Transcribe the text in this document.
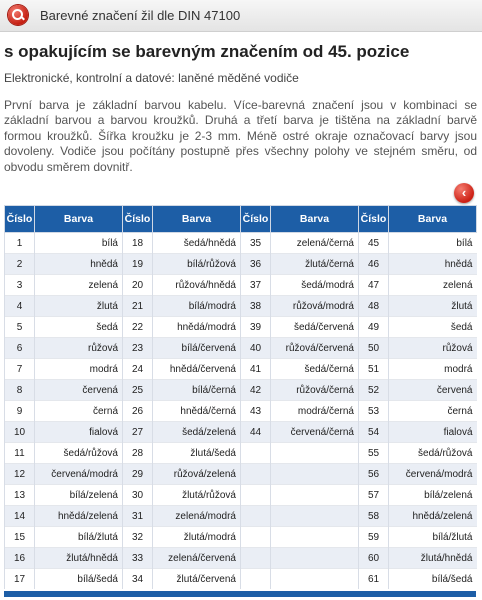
Barevné značení žil dle DIN 47100
s opakujícím se barevným značením od 45. pozice
Elektronické, kontrolní a datové: laněné měděné vodiče
První barva je základní barvou kabelu. Více-barevná značení jsou v kombinaci se základní barvou a barvou kroužků. Druhá a třetí barva je tištěna na základní barvě formou kroužků. Šířka kroužku je 2-3 mm. Méně ostré okraje označovací barvy jsou dovoleny. Vodiče jsou počítány postupně přes všechny polohy ve stejném směru, od obvodu směrem dovnitř.
‹
Číslo	Barva	Číslo	Barva	Číslo	Barva	Číslo	Barva
1	bílá	18	šedá/hnědá	35	zelená/černá	45	bílá
2	hnědá	19	bílá/růžová	36	žlutá/černá	46	hnědá
3	zelená	20	růžová/hnědá	37	šedá/modrá	47	zelená
4	žlutá	21	bílá/modrá	38	růžová/modrá	48	žlutá
5	šedá	22	hnědá/modrá	39	šedá/červená	49	šedá
6	růžová	23	bílá/červená	40	růžová/červená	50	růžová
7	modrá	24	hnědá/červená	41	šedá/černá	51	modrá
8	červená	25	bílá/černá	42	růžová/černá	52	červená
9	černá	26	hnědá/černá	43	modrá/černá	53	černá
10	fialová	27	šedá/zelená	44	červená/černá	54	fialová
11	šedá/růžová	28	žlutá/šedá			55	šedá/růžová
12	červená/modrá	29	růžová/zelená			56	červená/modrá
13	bílá/zelená	30	žlutá/růžová			57	bílá/zelená
14	hnědá/zelená	31	zelená/modrá			58	hnědá/zelená
15	bílá/žlutá	32	žlutá/modrá			59	bílá/žlutá
16	žlutá/hnědá	33	zelená/červená			60	žlutá/hnědá
17	bílá/šedá	34	žlutá/červená			61	bílá/šedá
